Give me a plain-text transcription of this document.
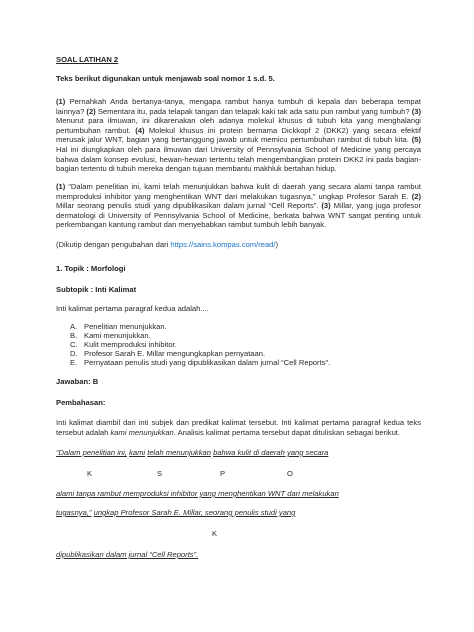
SOAL LATIHAN 2
Teks berikut digunakan untuk menjawab soal nomor 1 s.d. 5.
(1) Pernahkah Anda bertanya-tanya, mengapa rambut hanya tumbuh di kepala dan beberapa tempat lainnya? (2) Sementara itu, pada telapak tangan dan telapak kaki tak ada satu pun rambut yang tumbuh? (3) Menurut para ilmuwan, ini dikarenakan oleh adanya molekul khusus di tubuh kita yang menghalangi pertumbuhan rambut. (4) Molekul khusus ini protein bernama Dickkopf 2 (DKK2) yang secara efektif merusak jalur WNT, bagian yang bertanggung jawab untuk memicu pertumbuhan rambut di tubuh kita. (5) Hal ini diungkapkan oleh para ilmuwan dari University of Pennsylvania School of Medicine yang percaya bahwa dalam konsep evolusi, hewan-hewan tertentu telah mengembangkan protein DKK2 ini pada bagian-bagian tertentu di tubuh mereka dengan tujuan membantu makhluk bertahan hidup.
(1) “Dalam penelitian ini, kami telah menunjukkan bahwa kulit di daerah yang secara alami tanpa rambut memproduksi inhibitor yang menghentikan WNT dari melakukan tugasnya,” ungkap Profesor Sarah E. (2) Millar seorang penulis studi yang dipublikasikan dalam jurnal “Cell Reports”. (3) Millar, yang juga profesor dermatologi di University of Pennsylvania School of Medicine, berkata bahwa WNT sangat penting untuk perkembangan kantung rambut dan menyebabkan rambut tumbuh lebih banyak.
(Dikutip dengan pengubahan dari https://sains.kompas.com/read/)
1. Topik : Morfologi
Subtopik : Inti Kalimat
Inti kalimat pertama paragraf kedua adalah....
A. Penelitian menunjukkan.
B. Kami menunjukkan.
C. Kulit memproduksi inhibitor.
D. Profesor Sarah E. Millar mengungkapkan pernyataan.
E. Pernyataan penulis studi yang dipublikasikan dalam jurnal “Cell Reports”.
Jawaban: B
Pembahasan:
Inti kalimat diambil dari inti subjek dan predikat kalimat tersebut. Inti kalimat pertama paragraf kedua teks tersebut adalah kami menunjukkan. Analisis kalimat pertama tersebut dapat dituliskan sebagai berikut.
“Dalam penelitian ini, kami telah menunjukkan bahwa kulit di daerah yang secara
K	S	P	O
alami tanpa rambut memproduksi inhibitor yang menghentikan WNT dari melakukan
tugasnya,” ungkap Profesor Sarah E. Millar, seorang penulis studi yang
K
dipublikasikan dalam jurnal “Cell Reports”.
